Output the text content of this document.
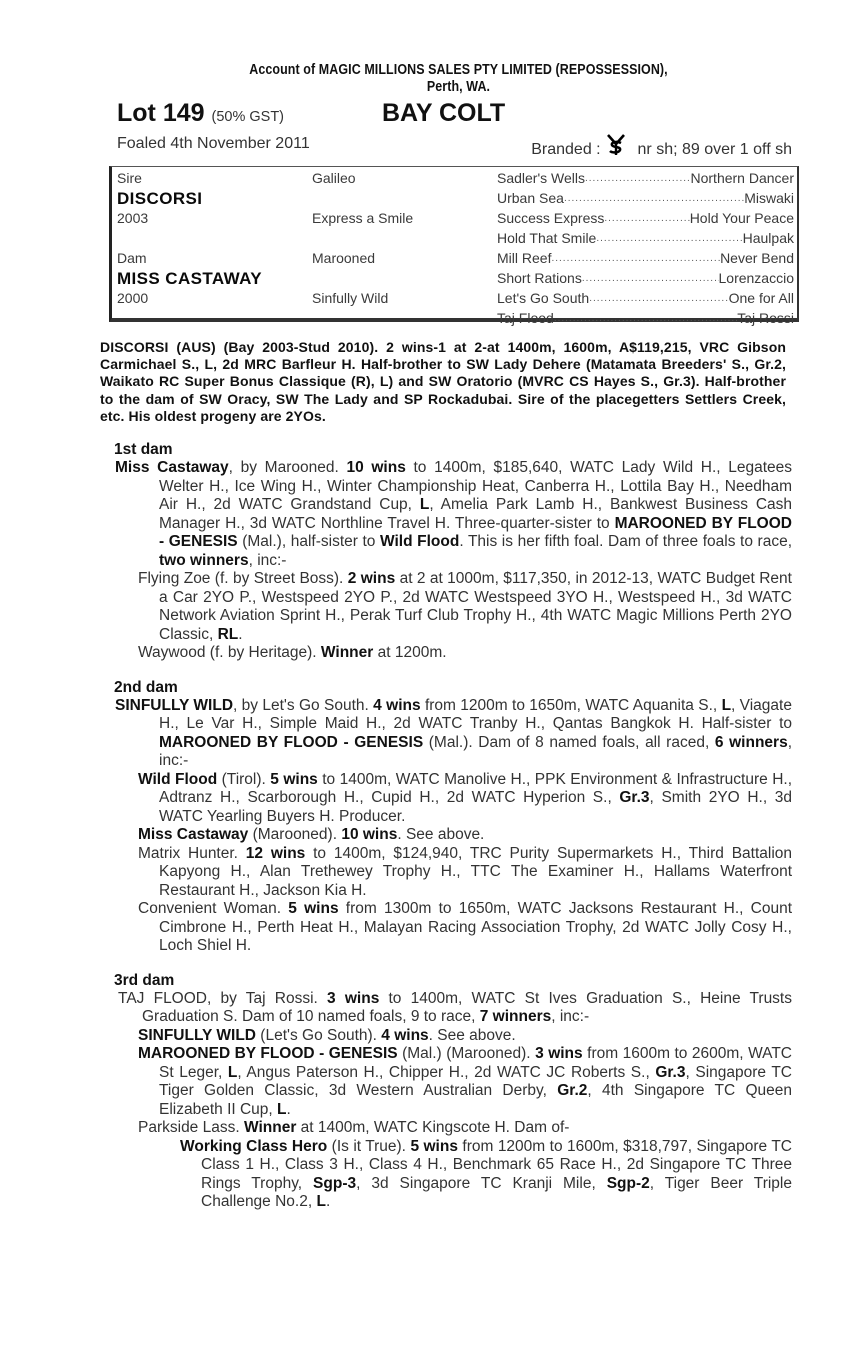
Account of MAGIC MILLIONS SALES PTY LIMITED (REPOSSESSION),
Perth, WA.
Lot 149 (50% GST)	BAY COLT
Foaled 4th November 2011	Branded : nr sh; 89 over 1 off sh
Sire	Galileo	Sadler's Wells .....	Northern Dancer
DISCORSI	Urban Sea .....	Miswaki
2003	Express a Smile	Success Express .....	Hold Your Peace
Hold That Smile .....	Haulpak
Dam	Marooned	Mill Reef .....	Never Bend
MISS CASTAWAY	Short Rations .....	Lorenzaccio
2000	Sinfully Wild	Let's Go South .....	One for All
Taj Flood .....	Taj Rossi
DISCORSI (AUS) (Bay 2003-Stud 2010). 2 wins-1 at 2-at 1400m, 1600m, A$119,215, VRC Gibson Carmichael S., L, 2d MRC Barfleur H. Half-brother to SW Lady Dehere (Matamata Breeders' S., Gr.2, Waikato RC Super Bonus Classique (R), L) and SW Oratorio (MVRC CS Hayes S., Gr.3). Half-brother to the dam of SW Oracy, SW The Lady and SP Rockadubai. Sire of the placegetters Settlers Creek, etc. His oldest progeny are 2YOs.
1st dam
Miss Castaway, by Marooned. 10 wins to 1400m, $185,640, WATC Lady Wild H., Legatees Welter H., Ice Wing H., Winter Championship Heat, Canberra H., Lottila Bay H., Needham Air H., 2d WATC Grandstand Cup, L, Amelia Park Lamb H., Bankwest Business Cash Manager H., 3d WATC Northline Travel H. Three-quarter-sister to MAROONED BY FLOOD - GENESIS (Mal.), half-sister to Wild Flood. This is her fifth foal. Dam of three foals to race, two winners, inc:-
Flying Zoe (f. by Street Boss). 2 wins at 2 at 1000m, $117,350, in 2012-13, WATC Budget Rent a Car 2YO P., Westspeed 2YO P., 2d WATC Westspeed 3YO H., Westspeed H., 3d WATC Network Aviation Sprint H., Perak Turf Club Trophy H., 4th WATC Magic Millions Perth 2YO Classic, RL.
Waywood (f. by Heritage). Winner at 1200m.
2nd dam
SINFULLY WILD, by Let's Go South. 4 wins from 1200m to 1650m, WATC Aquanita S., L, Viagate H., Le Var H., Simple Maid H., 2d WATC Tranby H., Qantas Bangkok H. Half-sister to MAROONED BY FLOOD - GENESIS (Mal.). Dam of 8 named foals, all raced, 6 winners, inc:-
Wild Flood (Tirol). 5 wins to 1400m, WATC Manolive H., PPK Environment & Infrastructure H., Adtranz H., Scarborough H., Cupid H., 2d WATC Hyperion S., Gr.3, Smith 2YO H., 3d WATC Yearling Buyers H. Producer.
Miss Castaway (Marooned). 10 wins. See above.
Matrix Hunter. 12 wins to 1400m, $124,940, TRC Purity Supermarkets H., Third Battalion Kapyong H., Alan Trethewey Trophy H., TTC The Examiner H., Hallams Waterfront Restaurant H., Jackson Kia H.
Convenient Woman. 5 wins from 1300m to 1650m, WATC Jacksons Restaurant H., Count Cimbrone H., Perth Heat H., Malayan Racing Association Trophy, 2d WATC Jolly Cosy H., Loch Shiel H.
3rd dam
TAJ FLOOD, by Taj Rossi. 3 wins to 1400m, WATC St Ives Graduation S., Heine Trusts Graduation S. Dam of 10 named foals, 9 to race, 7 winners, inc:-
SINFULLY WILD (Let's Go South). 4 wins. See above.
MAROONED BY FLOOD - GENESIS (Mal.) (Marooned). 3 wins from 1600m to 2600m, WATC St Leger, L, Angus Paterson H., Chipper H., 2d WATC JC Roberts S., Gr.3, Singapore TC Tiger Golden Classic, 3d Western Australian Derby, Gr.2, 4th Singapore TC Queen Elizabeth II Cup, L.
Parkside Lass. Winner at 1400m, WATC Kingscote H. Dam of-
Working Class Hero (Is it True). 5 wins from 1200m to 1600m, $318,797, Singapore TC Class 1 H., Class 3 H., Class 4 H., Benchmark 65 Race H., 2d Singapore TC Three Rings Trophy, Sgp-3, 3d Singapore TC Kranji Mile, Sgp-2, Tiger Beer Triple Challenge No.2, L.
